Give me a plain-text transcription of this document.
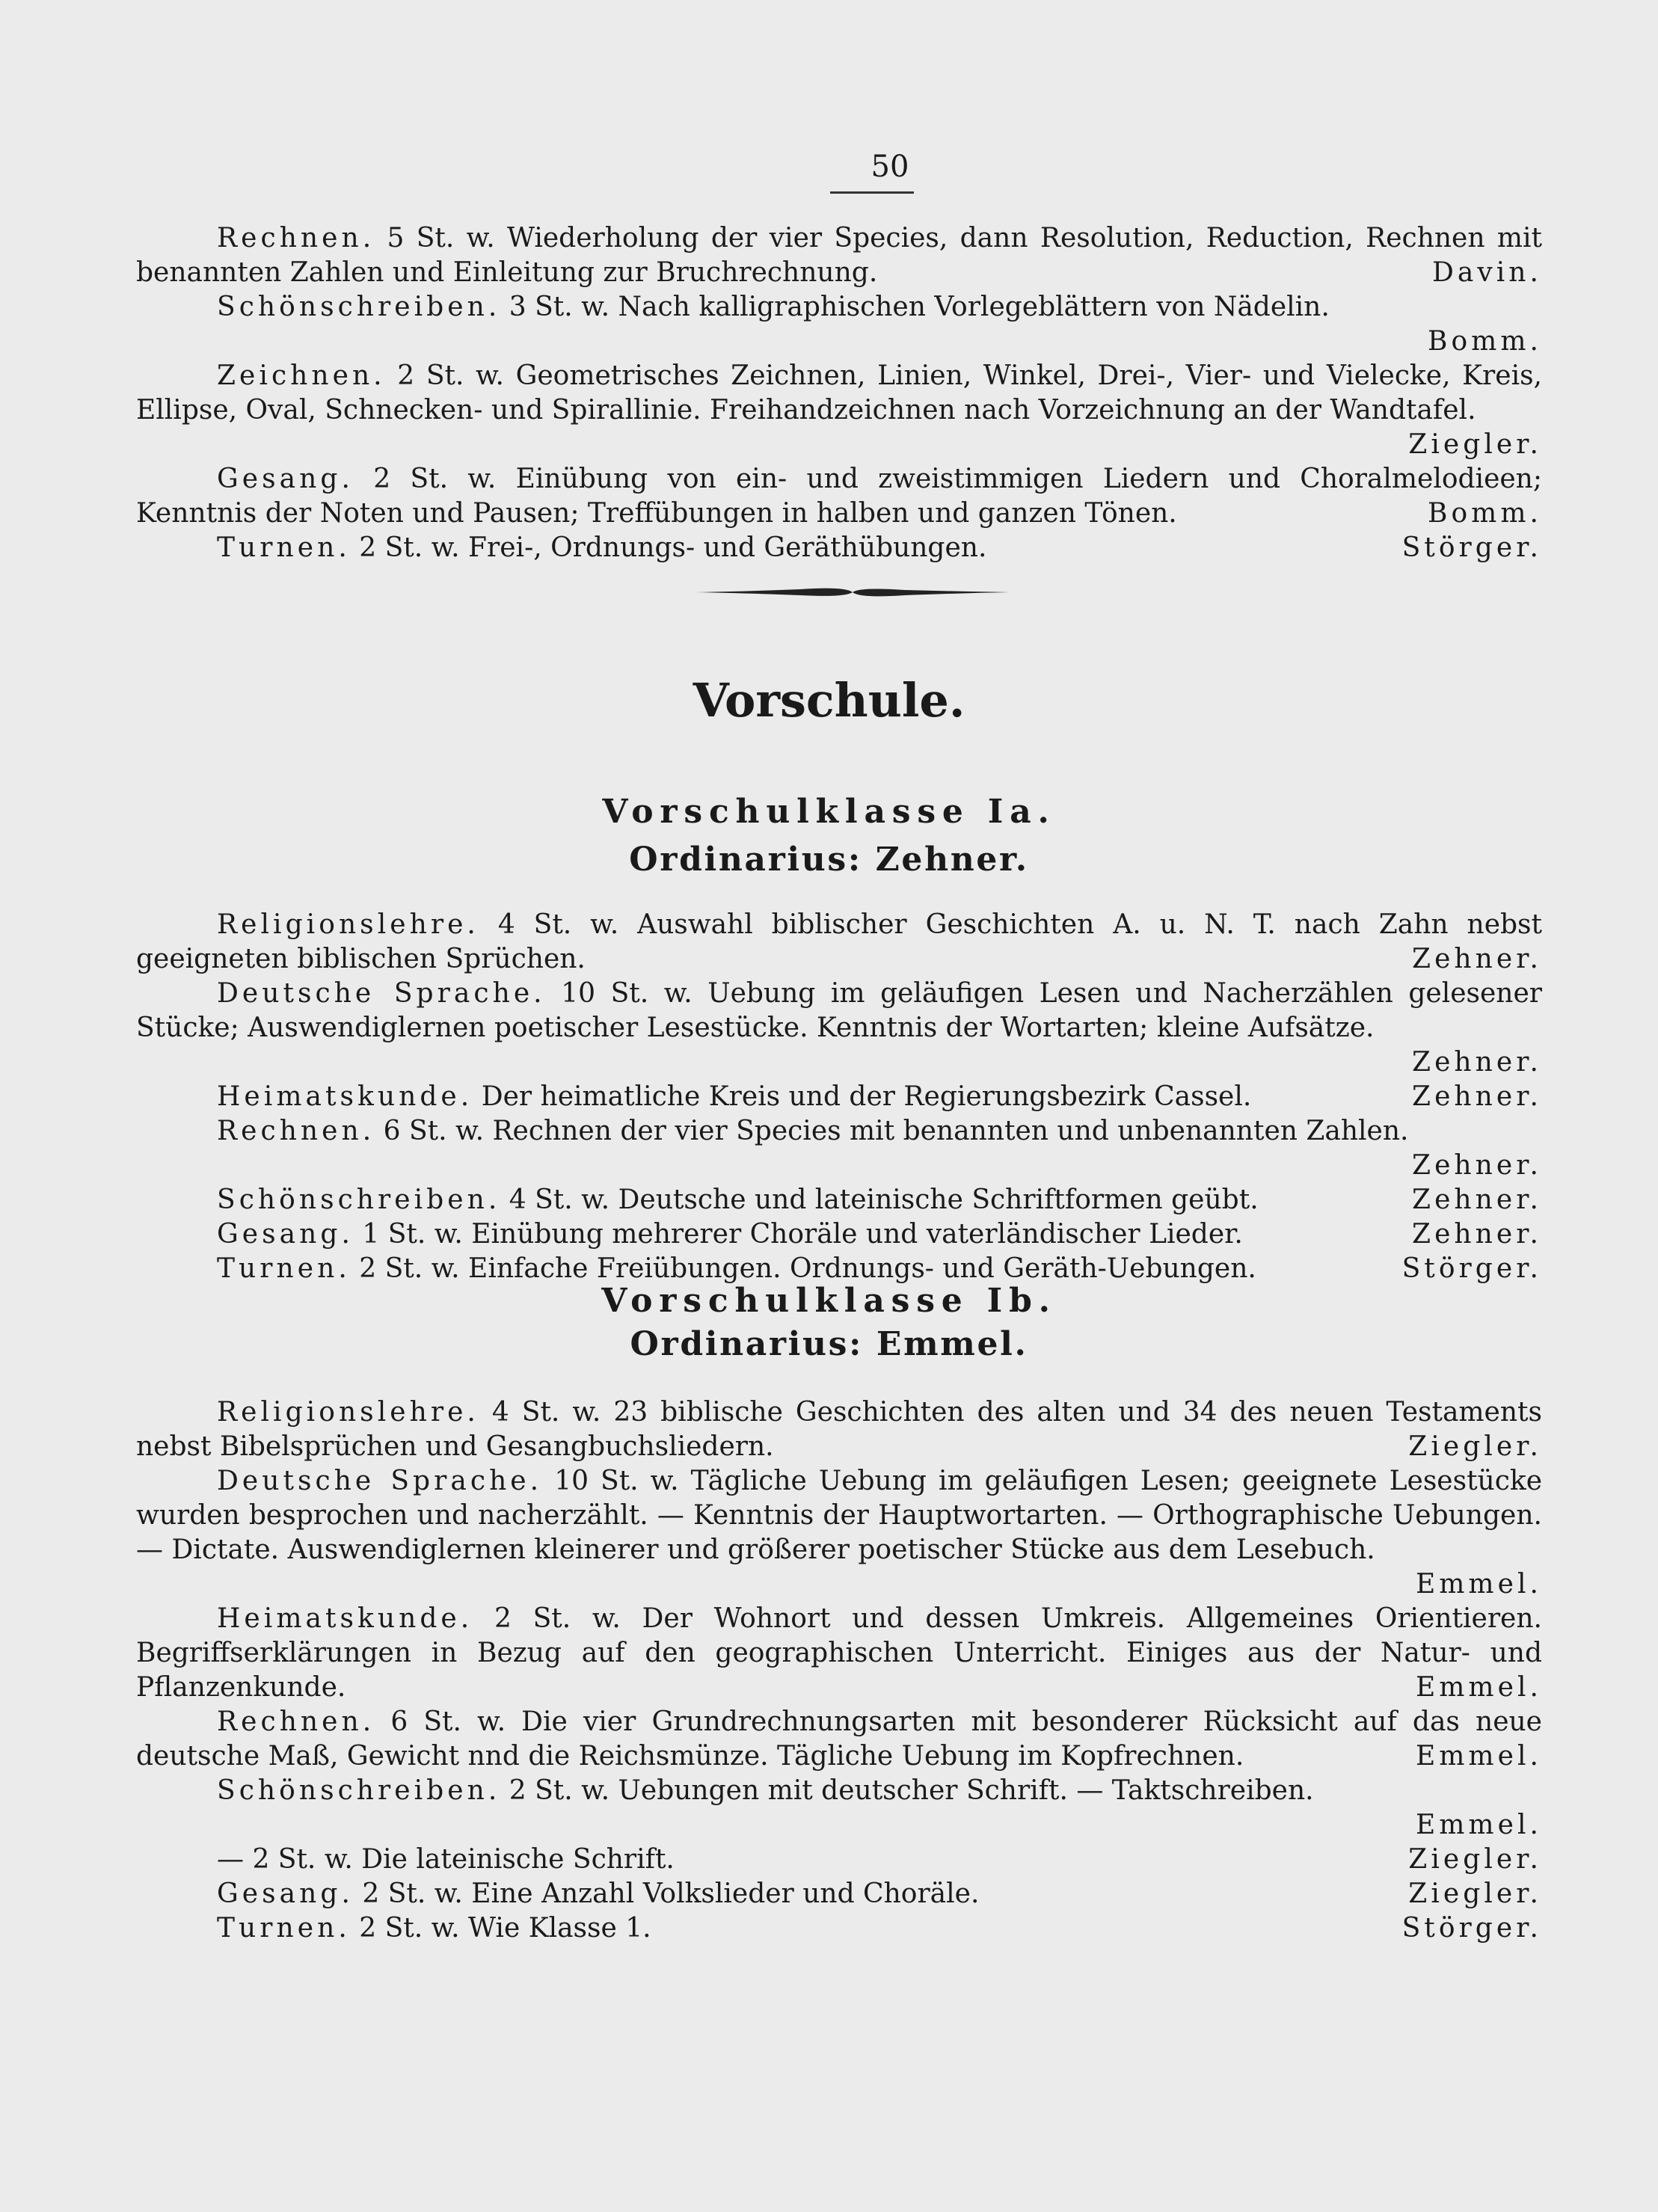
50

Rechnen. 5 St. w. Wiederholung der vier Species, dann Resolution, Reduction, Rechnen mit benannten Zahlen und Einleitung zur Bruchrechnung.	Davin.

Schönschreiben. 3 St. w. Nach kalligraphischen Vorlegeblättern von Nädelin.
Bomm.

Zeichnen. 2 St. w. Geometrisches Zeichnen, Linien, Winkel, Drei-, Vier- und Vielecke, Kreis, Ellipse, Oval, Schnecken- und Spirallinie. Freihandzeichnen nach Vorzeichnung an der Wandtafel.
Ziegler.

Gesang. 2 St. w. Einübung von ein- und zweistimmigen Liedern und Choralmelodieen; Kenntnis der Noten und Pausen; Treffübungen in halben und ganzen Tönen.	Bomm.

Turnen. 2 St. w. Frei-, Ordnungs- und Geräthübungen.	Störger.

Vorschule.
Vorschulklasse Ia.
Ordinarius: Zehner.

Religionslehre. 4 St. w. Auswahl biblischer Geschichten A. u. N. T. nach Zahn nebst geeigneten biblischen Sprüchen.	Zehner.

Deutsche Sprache. 10 St. w. Uebung im geläufigen Lesen und Nacherzählen gelesener Stücke; Auswendiglernen poetischer Lesestücke. Kenntnis der Wortarten; kleine Aufsätze.
Zehner.

Heimatskunde. Der heimatliche Kreis und der Regierungsbezirk Cassel.	Zehner.

Rechnen. 6 St. w. Rechnen der vier Species mit benannten und unbenannten Zahlen.
Zehner.

Schönschreiben. 4 St. w. Deutsche und lateinische Schriftformen geübt.	Zehner.

Gesang. 1 St. w. Einübung mehrerer Choräle und vaterländischer Lieder.	Zehner.

Turnen. 2 St. w. Einfache Freiübungen. Ordnungs- und Geräth-Uebungen.	Störger.

Vorschulklasse Ib.
Ordinarius: Emmel.

Religionslehre. 4 St. w. 23 biblische Geschichten des alten und 34 des neuen Testaments nebst Bibelsprüchen und Gesangbuchsliedern.	Ziegler.

Deutsche Sprache. 10 St. w. Tägliche Uebung im geläufigen Lesen; geeignete Lesestücke wurden besprochen und nacherzählt. — Kenntnis der Hauptwortarten. — Orthographische Uebungen. — Dictate. Auswendiglernen kleinerer und größerer poetischer Stücke aus dem Lesebuch.
Emmel.

Heimatskunde. 2 St. w. Der Wohnort und dessen Umkreis. Allgemeines Orientieren. Begriffserklärungen in Bezug auf den geographischen Unterricht. Einiges aus der Natur- und Pflanzenkunde.	Emmel.

Rechnen. 6 St. w. Die vier Grundrechnungsarten mit besonderer Rücksicht auf das neue deutsche Maß, Gewicht nnd die Reichsmünze. Tägliche Uebung im Kopfrechnen.	Emmel.

Schönschreiben. 2 St. w. Uebungen mit deutscher Schrift. — Taktschreiben.
Emmel.

— 2 St. w. Die lateinische Schrift.	Ziegler.

Gesang. 2 St. w. Eine Anzahl Volkslieder und Choräle.	Ziegler.

Turnen. 2 St. w. Wie Klasse 1.	Störger.
